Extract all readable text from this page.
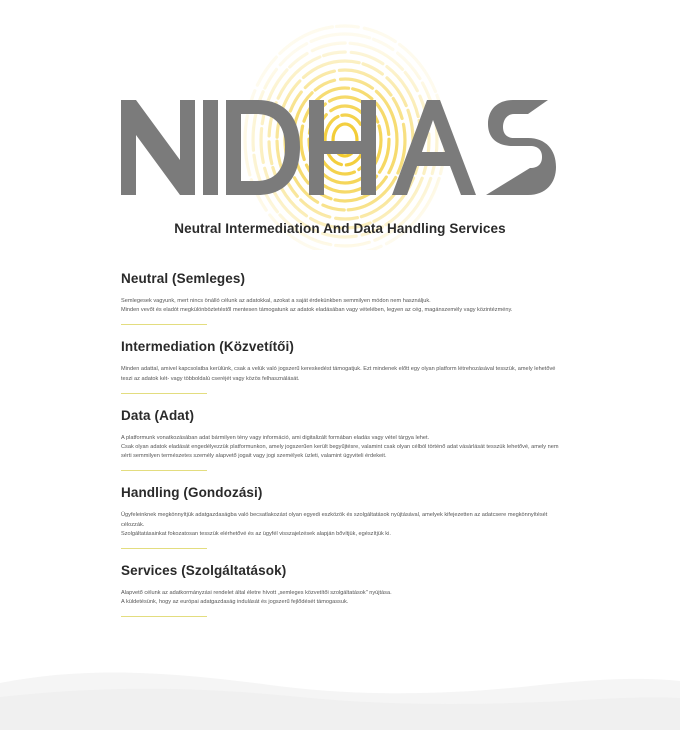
Neutral Intermediation And Data Handling Services
Neutral (Semleges)

Semlegesek vagyunk, mert nincs önálló célunk az adatokkal, azokat a saját érdekünkben semmilyen módon nem használjuk.

Minden vevőt és eladót megkülönböztetéstől mentesen támogatunk az adatok eladásában vagy vételében, legyen az cég, magánszemély vagy közintézmény.

Intermediation (Közvetítői)

Minden adattal, amivel kapcsolatba kerülünk, csak a velük való jogszerű kereskedést támogatjuk. Ezt mindenek előtt egy olyan platform létrehozásával tesszük, amely lehetővé teszi az adatok két- vagy többoldalú cseréjét vagy közös felhasználását.

Data (Adat)

A platformunk vonatkozásában adat bármilyen tény vagy információ, ami digitalizált formában eladás vagy vétel tárgya lehet.

Csak olyan adatok eladását engedélyezzük platformunkon, amely jogszerűen került begyűjtésre, valamint csak olyan célból történő adat vásárlását tesszük lehetővé, amely nem sérti semmilyen természetes személy alapvető jogait vagy jogi személyek üzleti, valamint ügyviteli érdekeit.

Handling (Gondozási)

Ügyfeleinknek megkönnyítjük adatgazdaságba való becsatlakozást olyan egyedi eszközök és szolgáltatások nyújtásával, amelyek kifejezetten az adatcsere megkönnyítését célozzák.

Szolgáltatásainkat fokozatosan tesszük elérhetővé és az ügyfél visszajelzések alapján bővítjük, egészítjük ki.

Services (Szolgáltatások)

Alapvető célunk az adatkormányzási rendelet által életre hívott „semleges közvetítői szolgáltatások" nyújtása.

A küldetésünk, hogy az európai adatgazdaság indulását és jogszerű fejlődését támogassuk.
